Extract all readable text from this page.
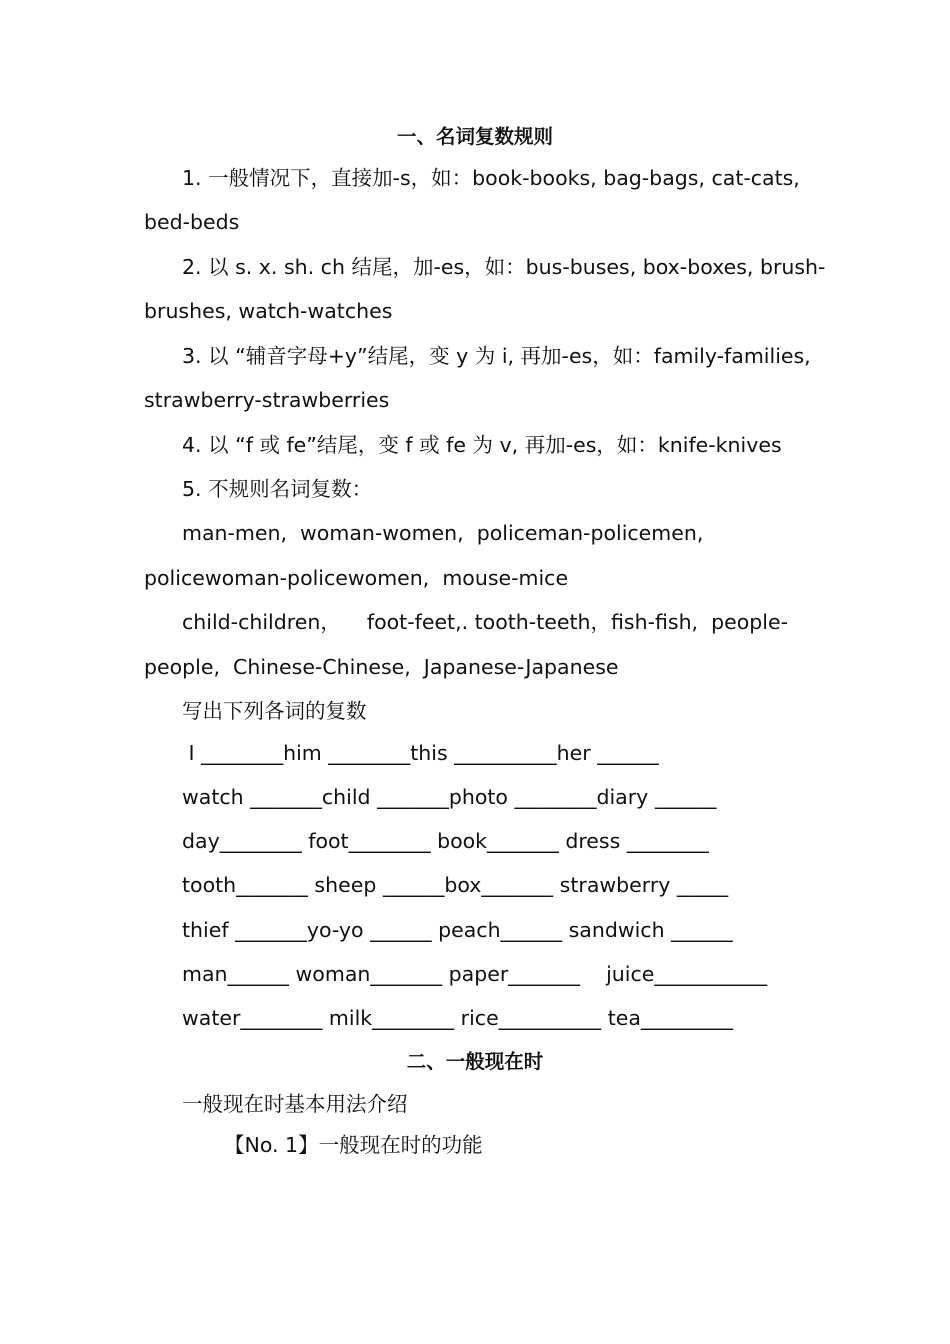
一、名词复数规则
1. 一般情况下，直接加-s，如：book-books, bag-bags, cat-cats,
bed-beds
2. 以 s. x. sh. ch 结尾，加-es，如：bus-buses, box-boxes, brush-
brushes, watch-watches
3. 以 “辅音字母+y”结尾，变 y 为 i, 再加-es，如：family-families,
strawberry-strawberries
4. 以 “f 或 fe”结尾，变 f 或 fe 为 v, 再加-es，如：knife-knives
5. 不规则名词复数：
man-men,  woman-women,  policeman-policemen,
policewoman-policewomen,  mouse-mice
child-children，    foot-feet,. tooth-teeth，fish-fish,  people-
people,  Chinese-Chinese,  Japanese-Japanese
写出下列各词的复数
I ________him ________this __________her ______
watch _______child _______photo ________diary ______
day________ foot________ book_______ dress ________
tooth_______ sheep ______box_______ strawberry _____
thief _______yo-yo ______ peach______ sandwich ______
man______ woman_______ paper_______    juice___________
water________ milk________ rice__________ tea_________
二、一般现在时
一般现在时基本用法介绍
【No. 1】一般现在时的功能
